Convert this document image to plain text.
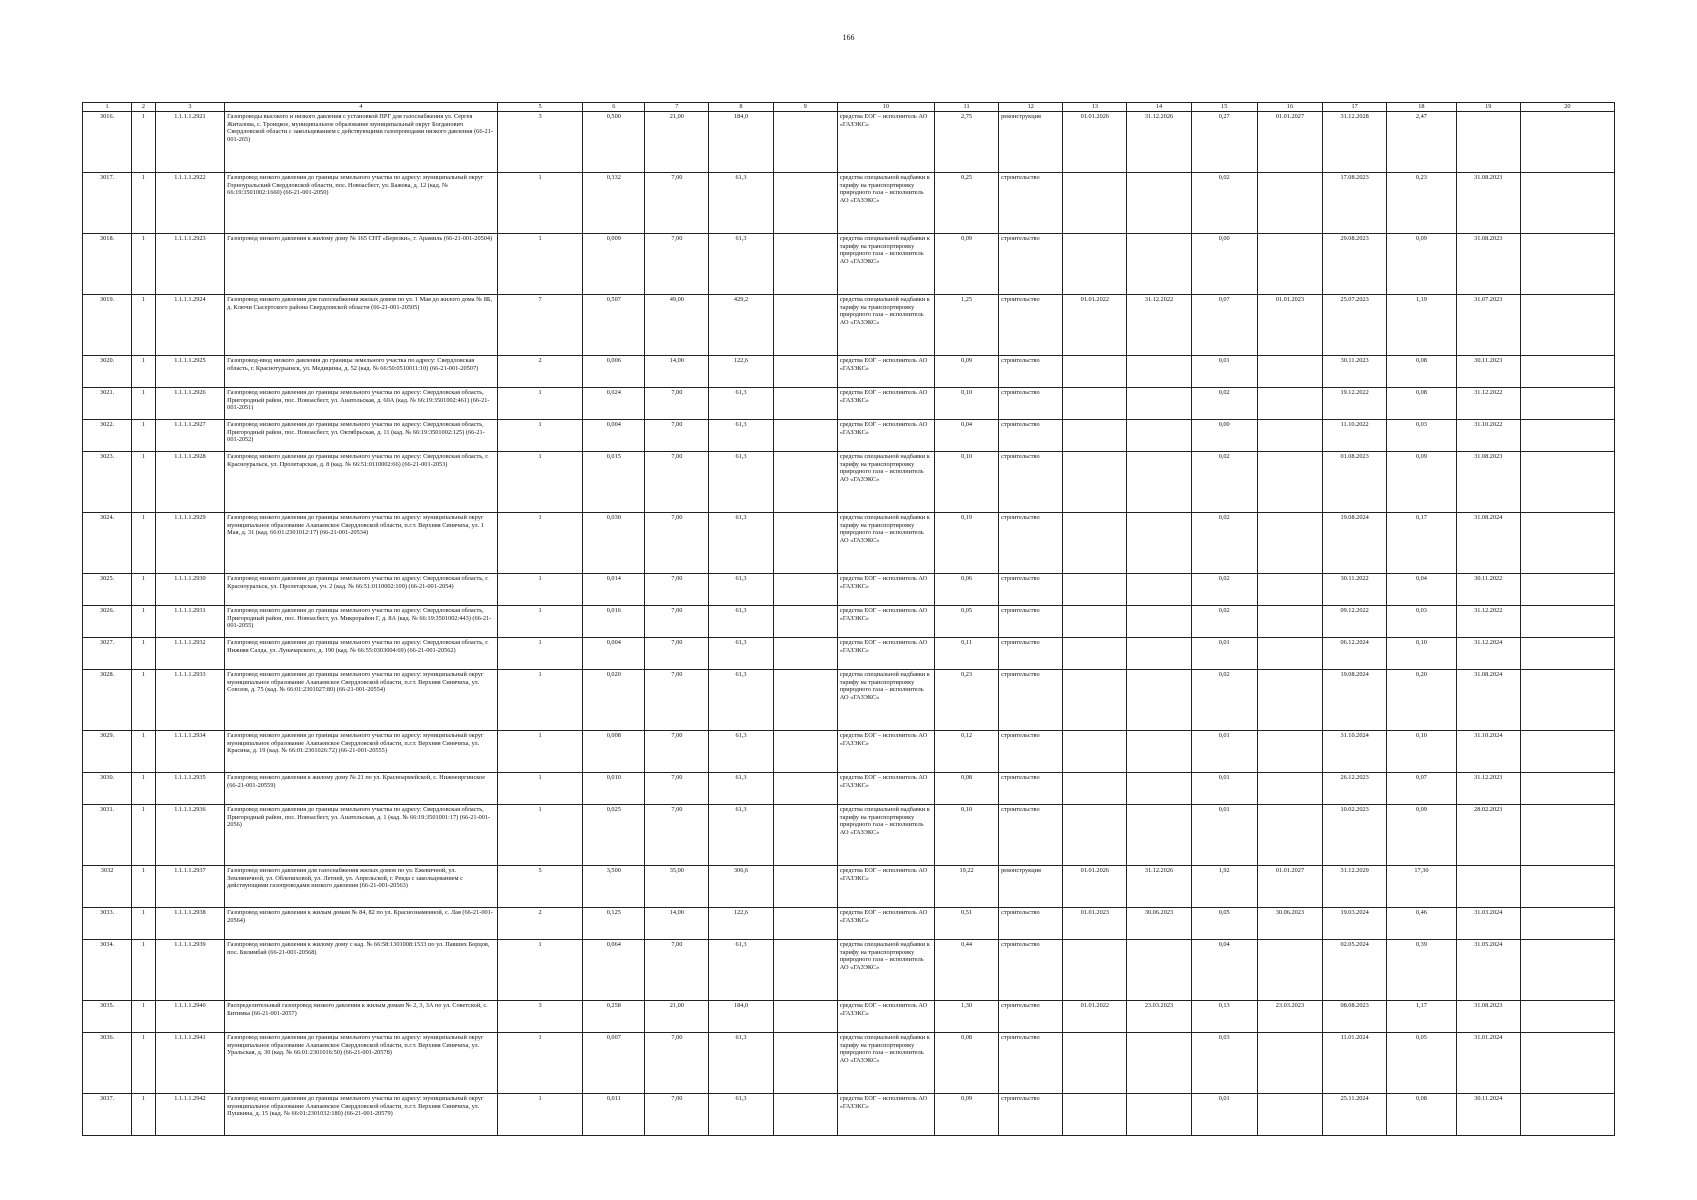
166
1	2	3	4	5	6	7	8	9	10	11	12	13	14	15	16	17	18	19	20
3016.	1	1.1.1.1.2921	Газопроводы высокого и низкого давления с установкой ПРГ для газоснабжения ул. Сергея Житалова, с. Троицкое, муниципальное образование муниципальный округ Богданович Свердловской области с закольцеванием с действующими газопроводами низкого давления (66-21-001-265)	3	0,500	21,00	184,0		средства ЕОГ – исполнитель АО «ГАЗЭКС»	2,75	реконструкция	01.01.2026	31.12.2026	0,27	01.01.2027	31.12.2028	2,47		
3017.	1	1.1.1.1.2922	Газопровод низкого давления до границы земельного участка по адресу: муниципальный округ Горноуральский Свердловской области, пос. Новоасбест, ул. Бажова, д. 12 (кад. № 66:19:3501002:1660) (66-21-001-2050)	1	0,332	7,00	61,3		средства специальной надбавки к тарифу на транспортировку природного газа – исполнитель АО «ГАЗЭКС»	0,25	строительство			0,02		17.08.2023	0,23	31.08.2023	
3018.	1	1.1.1.1.2923	Газопровод низкого давления к жилому дому № 165 СНТ «Березки», г. Арамиль (66-21-001-20504)	1	0,009	7,00	61,3		средства специальной надбавки к тарифу на транспортировку природного газа – исполнитель АО «ГАЗЭКС»	0,09	строительство			0,00		29.08.2023	0,09	31.08.2023	
3019.	1	1.1.1.1.2924	Газопровод низкого давления для газоснабжения жилых домов по ул. 1 Мая до жилого дома № 8Б, д. Ключи Сысертского района Свердловской области (66-21-001-20505)	7	0,507	49,00	429,2		средства специальной надбавки к тарифу на транспортировку природного газа – исполнитель АО «ГАЗЭКС»	1,25	строительство	01.01.2022	31.12.2022	0,07	01.01.2023	25.07.2023	1,19	31.07.2023	
3020.	1	1.1.1.1.2925	Газопровод-ввод низкого давления до границы земельного участка по адресу: Свердловская область, г. Краснотурьинск, ул. Медицины, д. 52 (кад. № 66:50:0510011:10) (66-21-001-20507)	2	0,006	14,00	122,6		средства ЕОГ – исполнитель АО «ГАЗЭКС»	0,09	строительство			0,01		30.11.2023	0,08	30.11.2023	
3021.	1	1.1.1.1.2926	Газопровод низкого давления до границы земельного участка по адресу: Свердловская область, Пригородный район, пос. Новоасбест, ул. Анатольская, д. 60А (кад. № 66:19:3501002:461) (66-21-001-2051)	1	0,024	7,00	61,3		средства ЕОГ – исполнитель АО «ГАЗЭКС»	0,10	строительство			0,02		19.12.2022	0,08	31.12.2022	
3022.	1	1.1.1.1.2927	Газопровод низкого давления до границы земельного участка по адресу: Свердловская область, Пригородный район, пос. Новоасбест, ул. Октябрьская, д. 11 (кад. № 66:19:3501002:125) (66-21-001-2052)	1	0,004	7,00	61,3		средства ЕОГ – исполнитель АО «ГАЗЭКС»	0,04	строительство			0,00		11.10.2022	0,03	31.10.2022	
3023.	1	1.1.1.1.2928	Газопровод низкого давления до границы земельного участка по адресу: Свердловская область, г. Красноуральск, ул. Пролетарская, д. 8 (кад. № 66:51:0110002:66) (66-21-001-2053)	1	0,015	7,00	61,3		средства специальной надбавки к тарифу на транспортировку природного газа – исполнитель АО «ГАЗЭКС»	0,10	строительство			0,02		01.08.2023	0,09	31.08.2023	
3024.	1	1.1.1.1.2929	Газопровод низкого давления до границы земельного участка по адресу: муниципальный округ муниципальное образование Алапаевское Свердловской области, п.г.т. Верхняя Синячиха, ул. 1 Мая, д. 31 (кад. 66:01:2301012:17) (66-21-001-20534)	1	0,030	7,00	61,3		средства специальной надбавки к тарифу на транспортировку природного газа – исполнитель АО «ГАЗЭКС»	0,19	строительство			0,02		19.08.2024	0,17	31.08.2024	
3025.	1	1.1.1.1.2930	Газопровод низкого давления до границы земельного участка по адресу: Свердловская область, г. Красноуральск, ул. Пролетарская, уч. 2 (кад. № 66:51:0110002:100) (66-21-001-2054)	1	0,014	7,00	61,3		средства ЕОГ – исполнитель АО «ГАЗЭКС»	0,06	строительство			0,02		30.11.2022	0,04	30.11.2022	
3026.	1	1.1.1.1.2931	Газопровод низкого давления до границы земельного участка по адресу: Свердловская область, Пригородный район, пос. Новоасбест, ул. Микрорайон Г, д. 8А (кад. № 66:19:3501002:443) (66-21-001-2055)	1	0,016	7,00	61,3		средства ЕОГ – исполнитель АО «ГАЗЭКС»	0,05	строительство			0,02		09.12.2022	0,03	31.12.2022	
3027.	1	1.1.1.1.2932	Газопровод низкого давления до границы земельного участка по адресу: Свердловская область, г. Нижняя Салда, ул. Луначарского, д. 190 (кад. № 66:55:0303004:69) (66-21-001-20562)	1	0,004	7,00	61,3		средства ЕОГ – исполнитель АО «ГАЗЭКС»	0,11	строительство			0,01		06.12.2024	0,10	31.12.2024	
3028.	1	1.1.1.1.2933	Газопровод низкого давления до границы земельного участка по адресу: муниципальный округ муниципальное образование Алапаевское Свердловской области, п.г.т. Верхняя Синячиха, ул. Союзов, д. 75 (кад. № 66:01:2301027:80) (66-21-001-20554)	1	0,020	7,00	61,3		средства специальной надбавки к тарифу на транспортировку природного газа – исполнитель АО «ГАЗЭКС»	0,23	строительство			0,02		19.08.2024	0,20	31.08.2024	
3029.	1	1.1.1.1.2934	Газопровод низкого давления до границы земельного участка по адресу: муниципальный округ муниципальное образование Алапаевское Свердловской области, п.г.т. Верхняя Синячиха, ул. Красина, д. 19 (кад. № 66:01:2301026:72) (66-21-001-20555)	1	0,008	7,00	61,3		средства ЕОГ – исполнитель АО «ГАЗЭКС»	0,12	строительство			0,01		31.10.2024	0,10	31.10.2024	
3030.	1	1.1.1.1.2935	Газопровод низкого давления к жилому дому № 21 по ул. Красноармейской, с. Нижнеиргинское (66-21-001-20559)	1	0,010	7,00	61,3		средства ЕОГ – исполнитель АО «ГАЗЭКС»	0,08	строительство			0,01		26.12.2023	0,07	31.12.2023	
3031.	1	1.1.1.1.2936	Газопровод низкого давления до границы земельного участка по адресу: Свердловская область, Пригородный район, пос. Новоасбест, ул. Анатольская, д. 1 (кад. № 66:19:3501001:17) (66-21-001-2056)	1	0,025	7,00	61,3		средства специальной надбавки к тарифу на транспортировку природного газа – исполнитель АО «ГАЗЭКС»	0,10	строительство			0,01		10.02.2023	0,09	28.02.2023	
3032	1	1.1.1.1.2937	Газопровод низкого давления для газоснабжения жилых домов по ул. Ежевичной, ул. Земляничной, ул. Облепиховой, ул. Летней, ул. Апрельской, г. Ревда с закольцеванием с действующими газопроводами низкого давления (66-21-001-20563)	5	3,500	35,00	306,6		средства ЕОГ – исполнитель АО «ГАЗЭКС»	19,22	реконструкция	01.01.2026	31.12.2026	1,92	01.01.2027	31.12.2029	17,30		
3033.	1	1.1.1.1.2938	Газопровод низкого давления к жилым домам № 84, 82 по ул. Краснознаменной, с. Лая (66-21-001-20564)	2	0,125	14,00	122,6		средства ЕОГ – исполнитель АО «ГАЗЭКС»	0,51	строительство	01.01.2023	30.06.2023	0,05	30.06.2023	19.03.2024	0,46	31.03.2024	
3034.	1	1.1.1.1.2939	Газопровод низкого давления к жилому дому с кад. № 66:58:1301008:1533 по ул. Павших Борцов, пос. Билимбай (66-21-001-20568)	1	0,064	7,00	61,3		средства специальной надбавки к тарифу на транспортировку природного газа – исполнитель АО «ГАЗЭКС»	0,44	строительство			0,04		02.05.2024	0,39	31.05.2024	
3035.	1	1.1.1.1.2940	Распределительный газопровод низкого давления к жилым домам № 2, 3, 3А по ул. Советской, с. Битимка (66-21-001-2057)	3	0,258	21,00	184,0		средства ЕОГ – исполнитель АО «ГАЗЭКС»	1,30	строительство	01.01.2022	23.03.2023	0,13	23.03.2023	08.08.2023	1,17	31.08.2023	
3036.	1	1.1.1.1.2941	Газопровод низкого давления до границы земельного участка по адресу: муниципальный округ муниципальное образование Алапаевское Свердловской области, п.г.т. Верхняя Синячиха, ул. Уральская, д. 30 (кад. № 66:01:2301016:50) (66-21-001-20578)	1	0,007	7,00	61,3		средства специальной надбавки к тарифу на транспортировку природного газа – исполнитель АО «ГАЗЭКС»	0,08	строительство			0,03		11.01.2024	0,05	31.01.2024	
3037.	1	1.1.1.1.2942	Газопровод низкого давления до границы земельного участка по адресу: муниципальный округ муниципальное образование Алапаевское Свердловской области, п.г.т. Верхняя Синячиха, ул. Пушкина, д. 15 (кад. № 66:01:2301032:180) (66-21-001-20579)	1	0,011	7,00	61,3		средства ЕОГ – исполнитель АО «ГАЗЭКС»	0,09	строительство			0,01		25.11.2024	0,08	30.11.2024	
